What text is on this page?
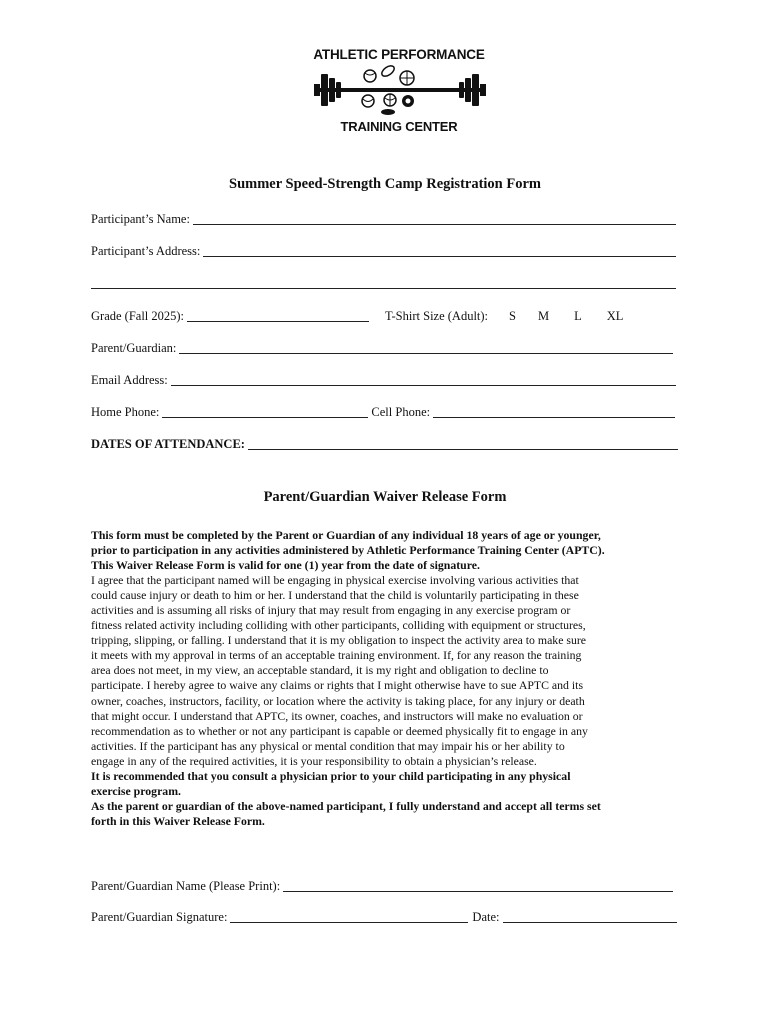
ATHLETIC PERFORMANCE
TRAINING CENTER
Summer Speed-Strength Camp Registration Form
Participant’s Name:
Participant’s Address:
Grade (Fall 2025):	T-Shirt Size (Adult): S M L XL
Parent/Guardian:
Email Address:
Home Phone:	Cell Phone:
DATES OF ATTENDANCE:
Parent/Guardian Waiver Release Form

This form must be completed by the Parent or Guardian of any individual 18 years of age or younger,

prior to participation in any activities administered by Athletic Performance Training Center (APTC).

This Waiver Release Form is valid for one (1) year from the date of signature.

I agree that the participant named will be engaging in physical exercise involving various activities that

could cause injury or death to him or her. I understand that the child is voluntarily participating in these

activities and is assuming all risks of injury that may result from engaging in any exercise program or

fitness related activity including colliding with other participants, colliding with equipment or structures,

tripping, slipping, or falling. I understand that it is my obligation to inspect the activity area to make sure

it meets with my approval in terms of an acceptable training environment. If, for any reason the training

area does not meet, in my view, an acceptable standard, it is my right and obligation to decline to

participate. I hereby agree to waive any claims or rights that I might otherwise have to sue APTC and its

owner, coaches, instructors, facility, or location where the activity is taking place, for any injury or death

that might occur. I understand that APTC, its owner, coaches, and instructors will make no evaluation or

recommendation as to whether or not any participant is capable or deemed physically fit to engage in any

activities. If the participant has any physical or mental condition that may impair his or her ability to

engage in any of the required activities, it is your responsibility to obtain a physician’s release.

It is recommended that you consult a physician prior to your child participating in any physical

exercise program.

As the parent or guardian of the above-named participant, I fully understand and accept all terms set

forth in this Waiver Release Form.

Parent/Guardian Name (Please Print):
Parent/Guardian Signature:	Date:
